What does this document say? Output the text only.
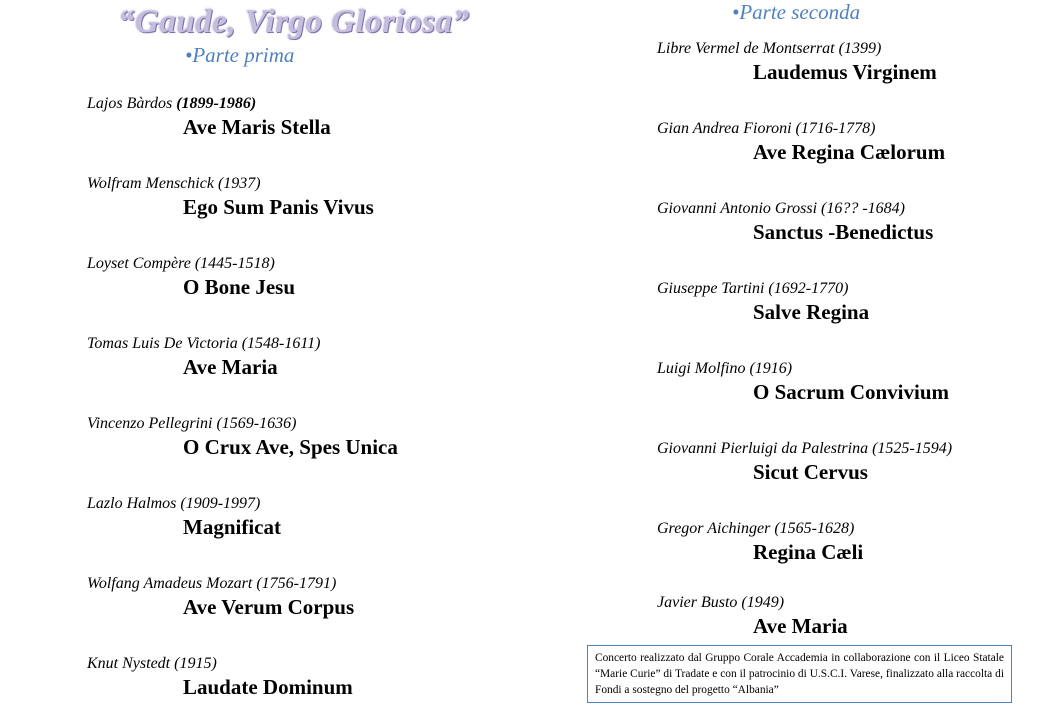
“Gaude, Virgo Gloriosa”
•Parte prima
•Parte seconda
Lajos Bàrdos (1899-1986)
Ave Maris Stella
Wolfram Menschick (1937)
Ego Sum Panis Vivus
Loyset Compère (1445-1518)
O Bone Jesu
Tomas Luis De Victoria (1548-1611)
Ave Maria
Vincenzo Pellegrini (1569-1636)
O Crux Ave, Spes Unica
Lazlo Halmos (1909-1997)
Magnificat
Wolfang Amadeus Mozart (1756-1791)
Ave Verum Corpus
Knut Nystedt (1915)
Laudate Dominum
Libre Vermel de Montserrat (1399)
Laudemus Virginem
Gian Andrea Fioroni (1716-1778)
Ave Regina Cælorum
Giovanni Antonio Grossi (16?? -1684)
Sanctus -Benedictus
Giuseppe Tartini (1692-1770)
Salve Regina
Luigi Molfino (1916)
O Sacrum Convivium
Giovanni Pierluigi da Palestrina (1525-1594)
Sicut Cervus
Gregor Aichinger (1565-1628)
Regina Cæli
Javier Busto (1949)
Ave Maria
Concerto realizzato dal Gruppo Corale Accademia in collaborazione con il Liceo Statale “Marie Curie” di Tradate e con il patrocinio di U.S.C.I. Varese, finalizzato alla raccolta di Fondi a sostegno del progetto “Albania”
